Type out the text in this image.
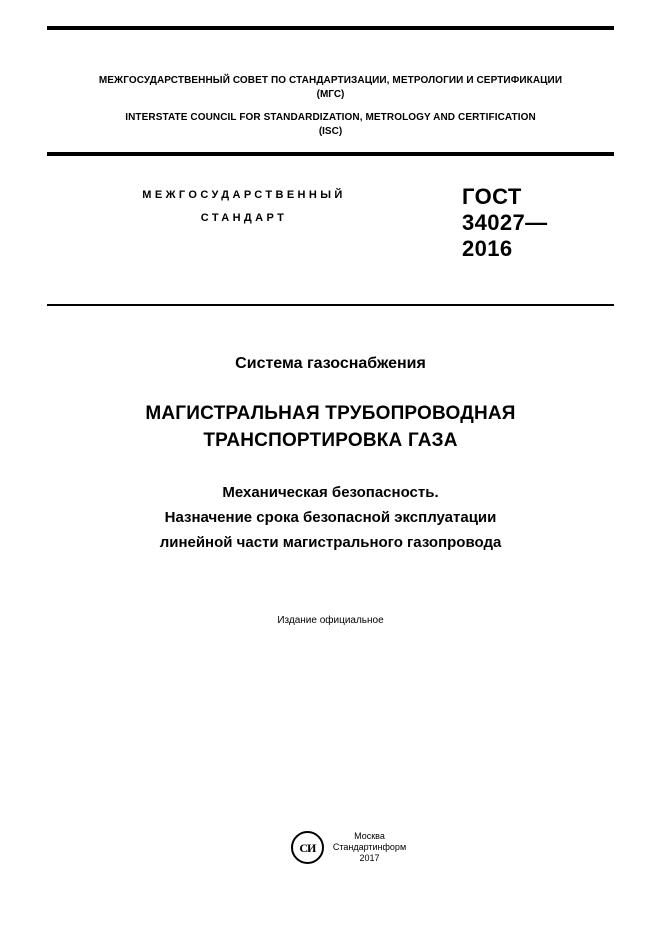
МЕЖГОСУДАРСТВЕННЫЙ СОВЕТ ПО СТАНДАРТИЗАЦИИ, МЕТРОЛОГИИ И СЕРТИФИКАЦИИ
(МГС)
INTERSTATE COUNCIL FOR STANDARDIZATION, METROLOGY AND CERTIFICATION
(ISC)
МЕЖГОСУДАРСТВЕННЫЙ
СТАНДАРТ
ГОСТ
34027—
2016
Система газоснабжения
МАГИСТРАЛЬНАЯ ТРУБОПРОВОДНАЯ
ТРАНСПОРТИРОВКА ГАЗА
Механическая безопасность.
Назначение срока безопасной эксплуатации
линейной части магистрального газопровода
Издание официальное
СИ
Москва
Стандартинформ
2017
